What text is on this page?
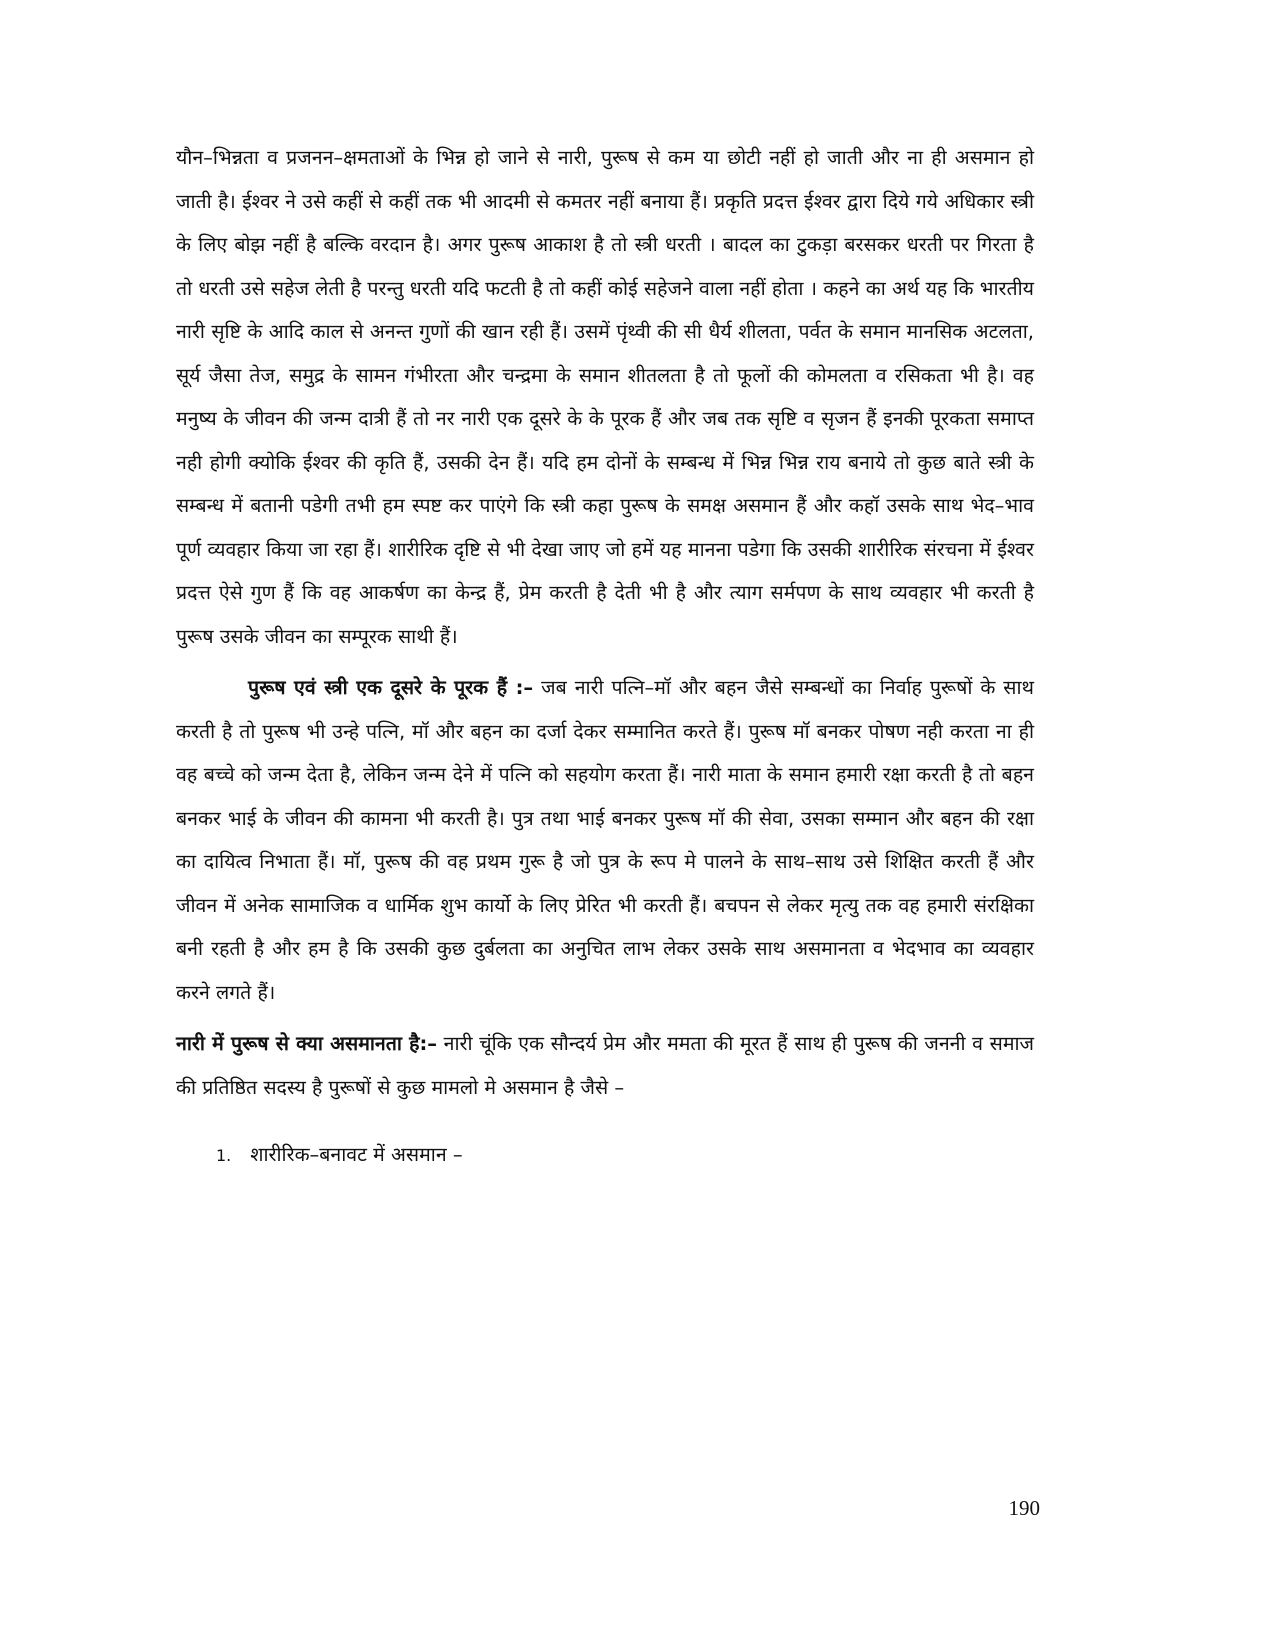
यौन–भिन्नता व प्रजनन–क्षमताओं के भिन्न हो जाने से नारी, पुरूष से कम या छोटी नहीं हो जाती और ना ही असमान हो जाती है। ईश्वर ने उसे कहीं से कहीं तक भी आदमी से कमतर नहीं बनाया हैं। प्रकृति प्रदत्त ईश्वर द्वारा दिये गये अधिकार स्त्री के लिए बोझ नहीं है बल्कि वरदान है। अगर पुरूष आकाश है तो स्त्री धरती । बादल का टुकड़ा बरसकर धरती पर गिरता है तो धरती उसे सहेज लेती है परन्तु धरती यदि फटती है तो कहीं कोई सहेजने वाला नहीं होता । कहने का अर्थ यह कि भारतीय नारी सृष्टि के आदि काल से अनन्त गुणों की खान रही हैं। उसमें पृंथ्वी की सी धैर्य शीलता, पर्वत के समान मानसिक अटलता, सूर्य जैसा तेज, समुद्र के सामन गंभीरता और चन्द्रमा के समान शीतलता है तो फूलों की कोमलता व रसिकता भी है। वह मनुष्य के जीवन की जन्म दात्री हैं तो नर नारी एक दूसरे के के पूरक हैं और जब तक सृष्टि व सृजन हैं इनकी पूरकता समाप्त नही होगी क्योकि ईश्वर की कृति हैं, उसकी देन हैं। यदि हम दोनों के सम्बन्ध में भिन्न भिन्न राय बनाये तो कुछ बाते स्त्री के सम्बन्ध में बतानी पडेगी तभी हम स्पष्ट कर पाएंगे कि स्त्री कहा पुरूष के समक्ष असमान हैं और कहॉ उसके साथ भेद–भाव पूर्ण व्यवहार किया जा रहा हैं। शारीरिक दृष्टि से भी देखा जाए जो हमें यह मानना पडेगा कि उसकी शारीरिक संरचना में ईश्वर प्रदत्त ऐसे गुण हैं कि वह आकर्षण का केन्द्र हैं, प्रेम करती है देती भी है और त्याग सर्मपण के साथ व्यवहार भी करती है पुरूष उसके जीवन का सम्पूरक साथी हैं।

पुरूष एवं स्त्री एक दूसरे के पूरक हैं :– जब नारी पत्नि–मॉ और बहन जैसे सम्बन्धों का निर्वाह पुरूषों के साथ करती है तो पुरूष भी उन्हे पत्नि, मॉ और बहन का दर्जा देकर सम्मानित करते हैं। पुरूष मॉ बनकर पोषण नही करता ना ही वह बच्चे को जन्म देता है, लेकिन जन्म देने में पत्नि को सहयोग करता हैं। नारी माता के समान हमारी रक्षा करती है तो बहन बनकर भाई के जीवन की कामना भी करती है। पुत्र तथा भाई बनकर पुरूष मॉ की सेवा, उसका सम्मान और बहन की रक्षा का दायित्व निभाता हैं। मॉ, पुरूष की वह प्रथम गुरू है जो पुत्र के रूप मे पालने के साथ–साथ उसे शिक्षित करती हैं और जीवन में अनेक सामाजिक व धार्मिक शुभ कार्यो के लिए प्रेरित भी करती हैं। बचपन से लेकर मृत्यु तक वह हमारी संरक्षिका बनी रहती है और हम है कि उसकी कुछ दुर्बलता का अनुचित लाभ लेकर उसके साथ असमानता व भेदभाव का व्यवहार करने लगते हैं।

नारी में पुरूष से क्या असमानता है:– नारी चूंकि एक सौन्दर्य प्रेम और ममता की मूरत हैं साथ ही पुरूष की जननी व समाज की प्रतिष्ठित सदस्य है पुरूषों से कुछ मामलो मे असमान है जैसे –

1. शारीरिक–बनावट में असमान –
190
